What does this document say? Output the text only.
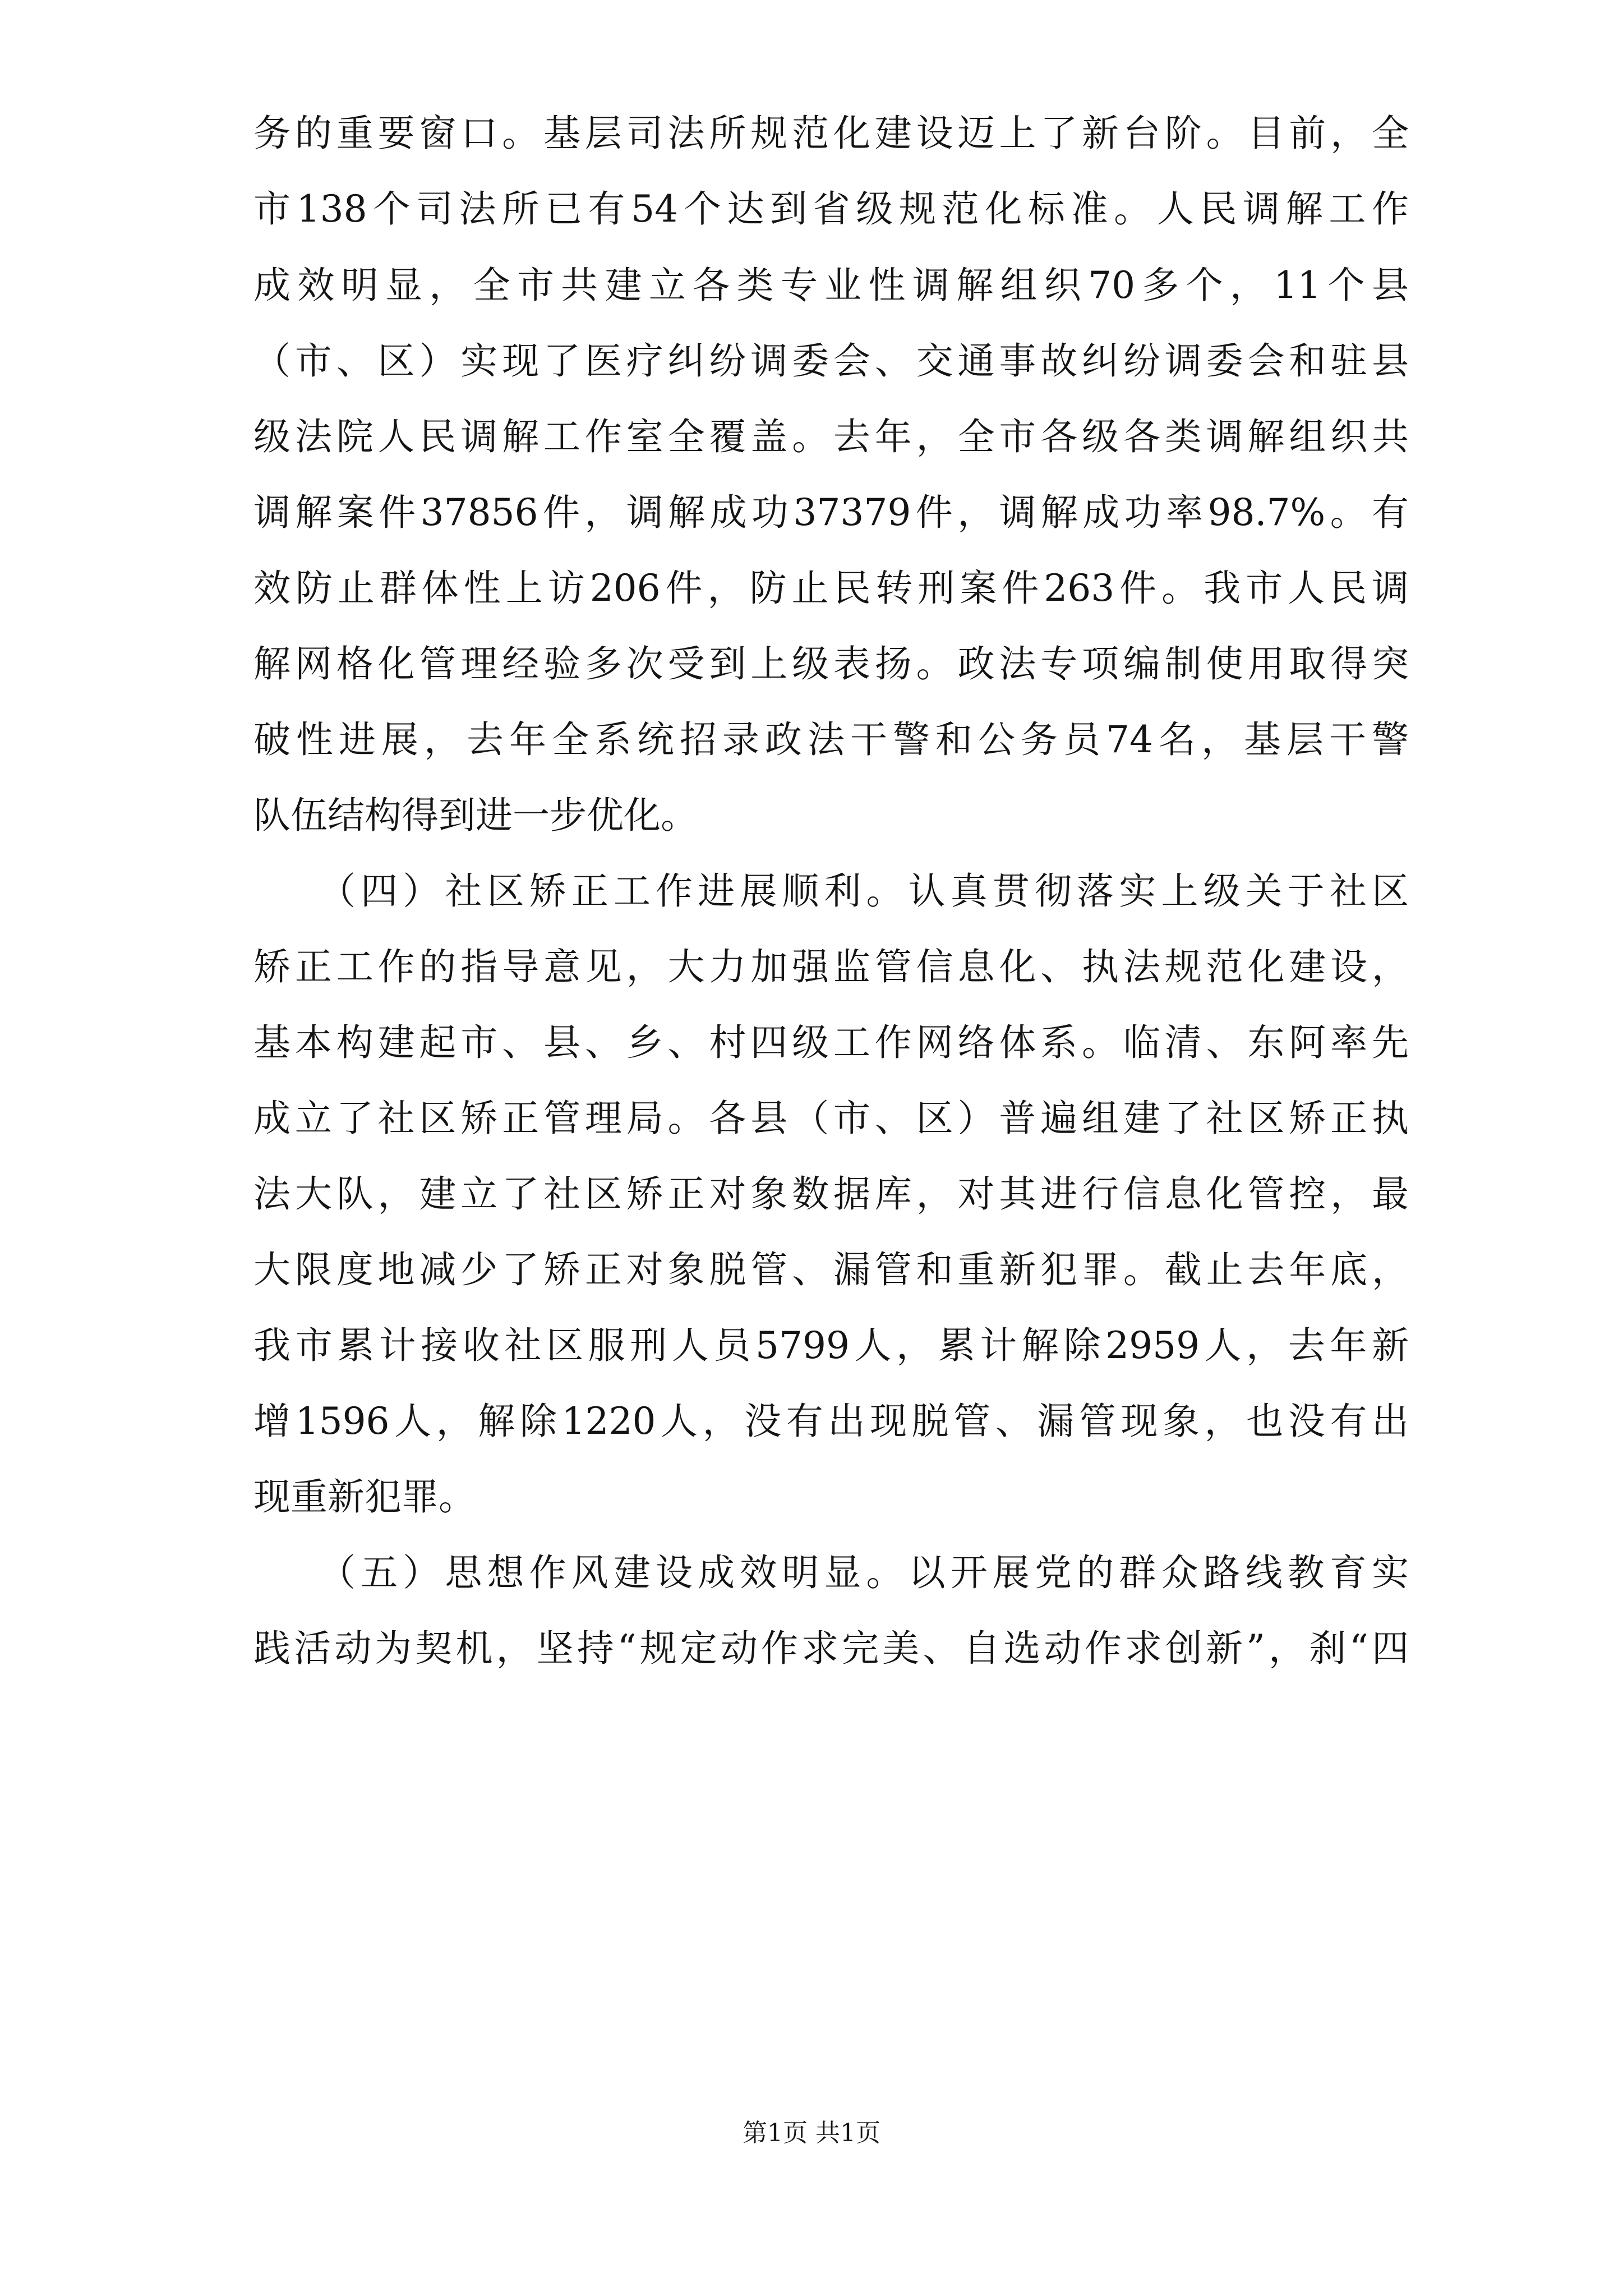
务的重要窗口。基层司法所规范化建设迈上了新台阶。目前，全
市138个司法所已有54个达到省级规范化标准。人民调解工作
成效明显，全市共建立各类专业性调解组织70多个，11个县
（市、区）实现了医疗纠纷调委会、交通事故纠纷调委会和驻县
级法院人民调解工作室全覆盖。去年，全市各级各类调解组织共
调解案件37856件，调解成功37379件，调解成功率98.7%。有
效防止群体性上访206件，防止民转刑案件263件。我市人民调
解网格化管理经验多次受到上级表扬。政法专项编制使用取得突
破性进展，去年全系统招录政法干警和公务员74名，基层干警
队伍结构得到进一步优化。
（四）社区矫正工作进展顺利。认真贯彻落实上级关于社区
矫正工作的指导意见，大力加强监管信息化、执法规范化建设，
基本构建起市、县、乡、村四级工作网络体系。临清、东阿率先
成立了社区矫正管理局。各县（市、区）普遍组建了社区矫正执
法大队，建立了社区矫正对象数据库，对其进行信息化管控，最
大限度地减少了矫正对象脱管、漏管和重新犯罪。截止去年底，
我市累计接收社区服刑人员5799人，累计解除2959人，去年新
增1596人，解除1220人，没有出现脱管、漏管现象，也没有出
现重新犯罪。
（五）思想作风建设成效明显。以开展党的群众路线教育实
践活动为契机，坚持“规定动作求完美、自选动作求创新”，刹“四
第1页 共1页
